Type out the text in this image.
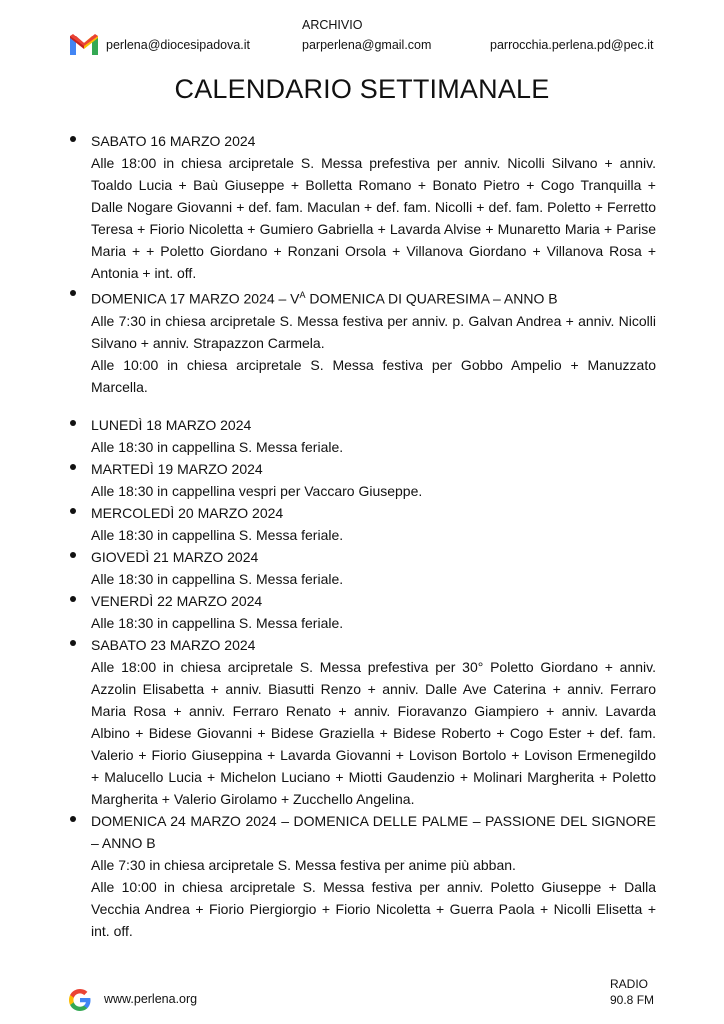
perlena@diocesipadova.it
ARCHIVIO
parperlena@gmail.com	parrocchia.perlena.pd@pec.it
CALENDARIO SETTIMANALE
SABATO 16 MARZO 2024
Alle 18:00 in chiesa arcipretale S. Messa prefestiva per anniv. Nicolli Silvano + anniv. Toaldo Lucia + Baù Giuseppe + Bolletta Romano + Bonato Pietro + Cogo Tranquilla + Dalle Nogare Giovanni + def. fam. Maculan + def. fam. Nicolli + def. fam. Poletto + Ferretto Teresa + Fiorio Nicoletta + Gumiero Gabriella + Lavarda Alvise + Munaretto Maria + Parise Maria + + Poletto Giordano + Ronzani Orsola + Villanova Giordano + Villanova Rosa + Antonia + int. off.
DOMENICA 17 MARZO $2024 - V^A$ DOMENICA DI QUARESIMA – ANNO B
Alle 7:30 in chiesa arcipretale S. Messa festiva per anniv. p. Galvan Andrea + anniv. Nicolli Silvano + anniv. Strapazzon Carmela.
Alle 10:00 in chiesa arcipretale S. Messa festiva per Gobbo Ampelio + Manuzzato Marcella.
LUNEDÌ 18 MARZO 2024
Alle 18:30 in cappellina S. Messa feriale.
MARTEDÌ 19 MARZO 2024
Alle 18:30 in cappellina vespri per Vaccaro Giuseppe.
MERCOLEDÌ 20 MARZO 2024
Alle 18:30 in cappellina S. Messa feriale.
GIOVEDÌ 21 MARZO 2024
Alle 18:30 in cappellina S. Messa feriale.
VENERDÌ 22 MARZO 2024
Alle 18:30 in cappellina S. Messa feriale.
SABATO 23 MARZO 2024
Alle 18:00 in chiesa arcipretale S. Messa prefestiva per 30° Poletto Giordano + anniv. Azzolin Elisabetta + anniv. Biasutti Renzo + anniv. Dalle Ave Caterina + anniv. Ferraro Maria Rosa + anniv. Ferraro Renato + anniv. Fioravanzo Giampiero + anniv. Lavarda Albino + Bidese Giovanni + Bidese Graziella + Bidese Roberto + Cogo Ester + def. fam. Valerio + Fiorio Giuseppina + Lavarda Giovanni + Lovison Bortolo + Lovison Ermenegildo + Malucello Lucia + Michelon Luciano + Miotti Gaudenzio + Molinari Margherita + Poletto Margherita + Valerio Girolamo + Zucchello Angelina.
DOMENICA 24 MARZO 2024 – DOMENICA DELLE PALME – PASSIONE DEL SIGNORE – ANNO B
Alle 7:30 in chiesa arcipretale S. Messa festiva per anime più abban.
Alle 10:00 in chiesa arcipretale S. Messa festiva per anniv. Poletto Giuseppe + Dalla Vecchia Andrea + Fiorio Piergiorgio + Fiorio Nicoletta + Guerra Paola + Nicolli Elisetta + int. off.
www.perlena.org
RADIO
90.8 FM
